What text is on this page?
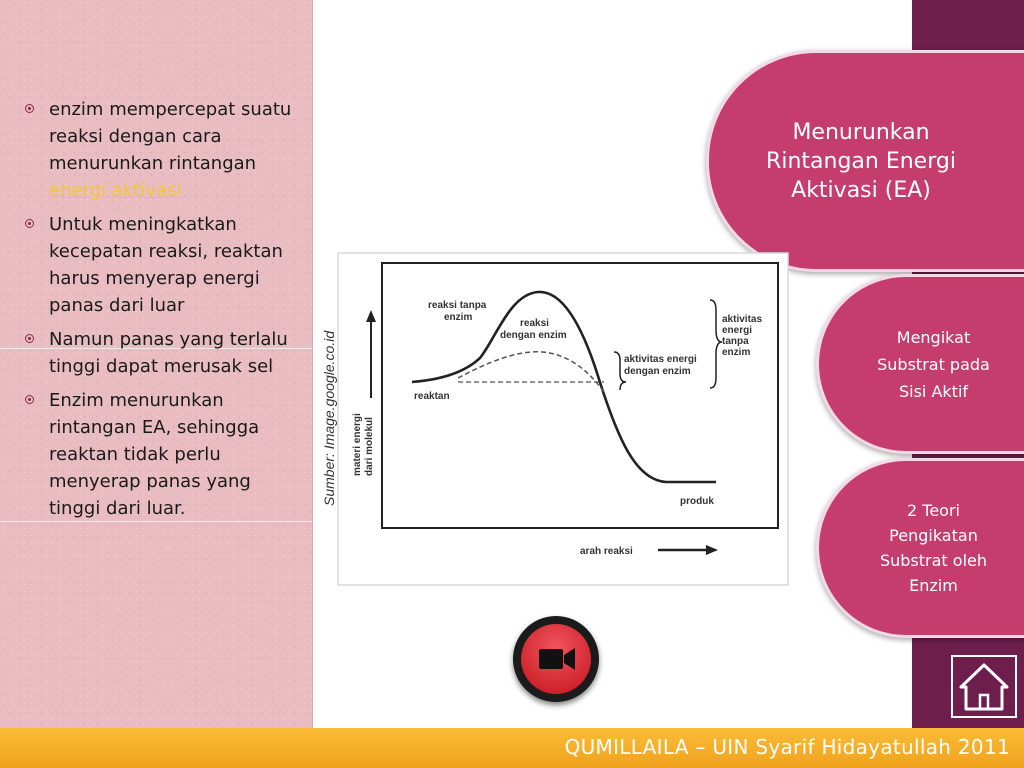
enzim mempercepat suatu reaksi dengan cara menurunkan rintangan energi aktivasi
Untuk meningkatkan kecepatan reaksi, reaktan harus menyerap energi panas dari luar
Namun panas yang terlalu tinggi dapat merusak sel
Enzim menurunkan rintangan EA, sehingga reaktan tidak perlu menyerap panas yang tinggi dari luar.
Menurunkan Rintangan Energi Aktivasi (EA)
Mengikat Substrat pada Sisi Aktif
2 Teori Pengikatan Substrat oleh Enzim
Sumber: Image.google.co.id materi energi dari molekul
reaksi tanpa enzim
reaksi dengan enzim
aktivitas energi dengan enzim
aktivitas energi tanpa enzim
reaktan
produk
arah reaksi
QUMILLAILA – UIN Syarif Hidayatullah 2011
